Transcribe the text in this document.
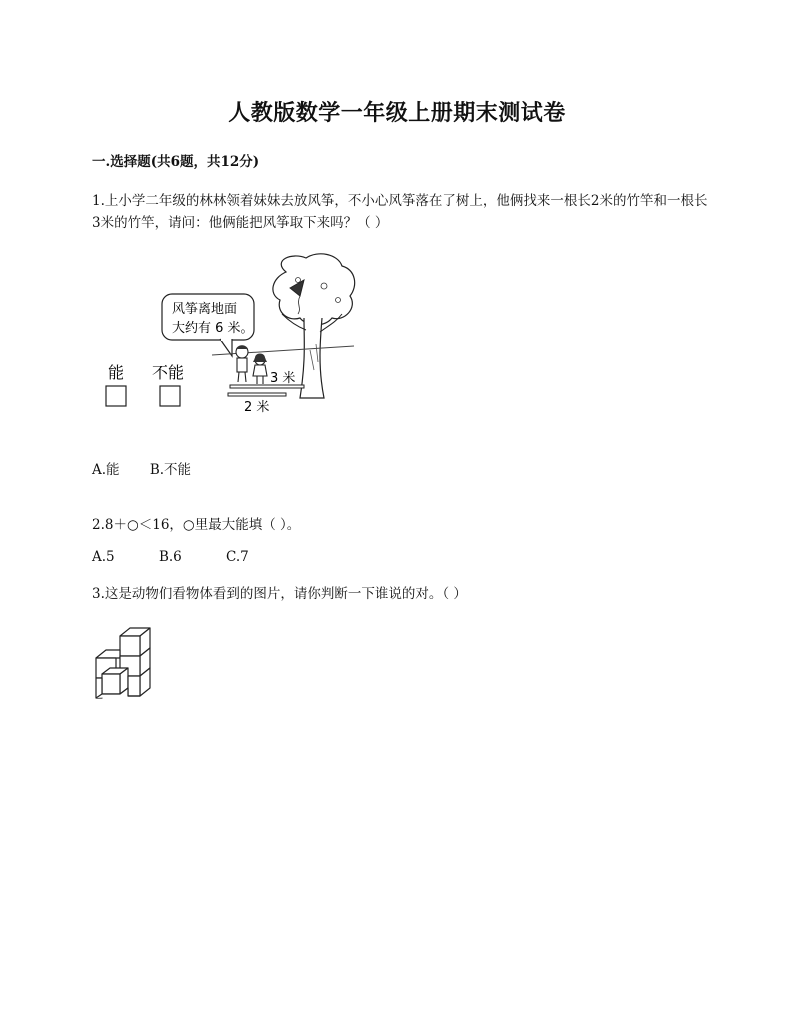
人教版数学一年级上册期末测试卷
一.选择题(共6题，共12分)
1.上小学二年级的林林领着妹妹去放风筝，不小心风筝落在了树上，他俩找来一根长2米的竹竿和一根长3米的竹竿，请问：他俩能把风筝取下来吗？（ ）
能 不能
风筝离地面
大约有 6 米。
3 米
2 米
A.能 B.不能
2.8＋○＜16，○里最大能填（ ）。
A.5	B.6	C.7
3.这是动物们看物体看到的图片，请你判断一下谁说的对。（ ）
